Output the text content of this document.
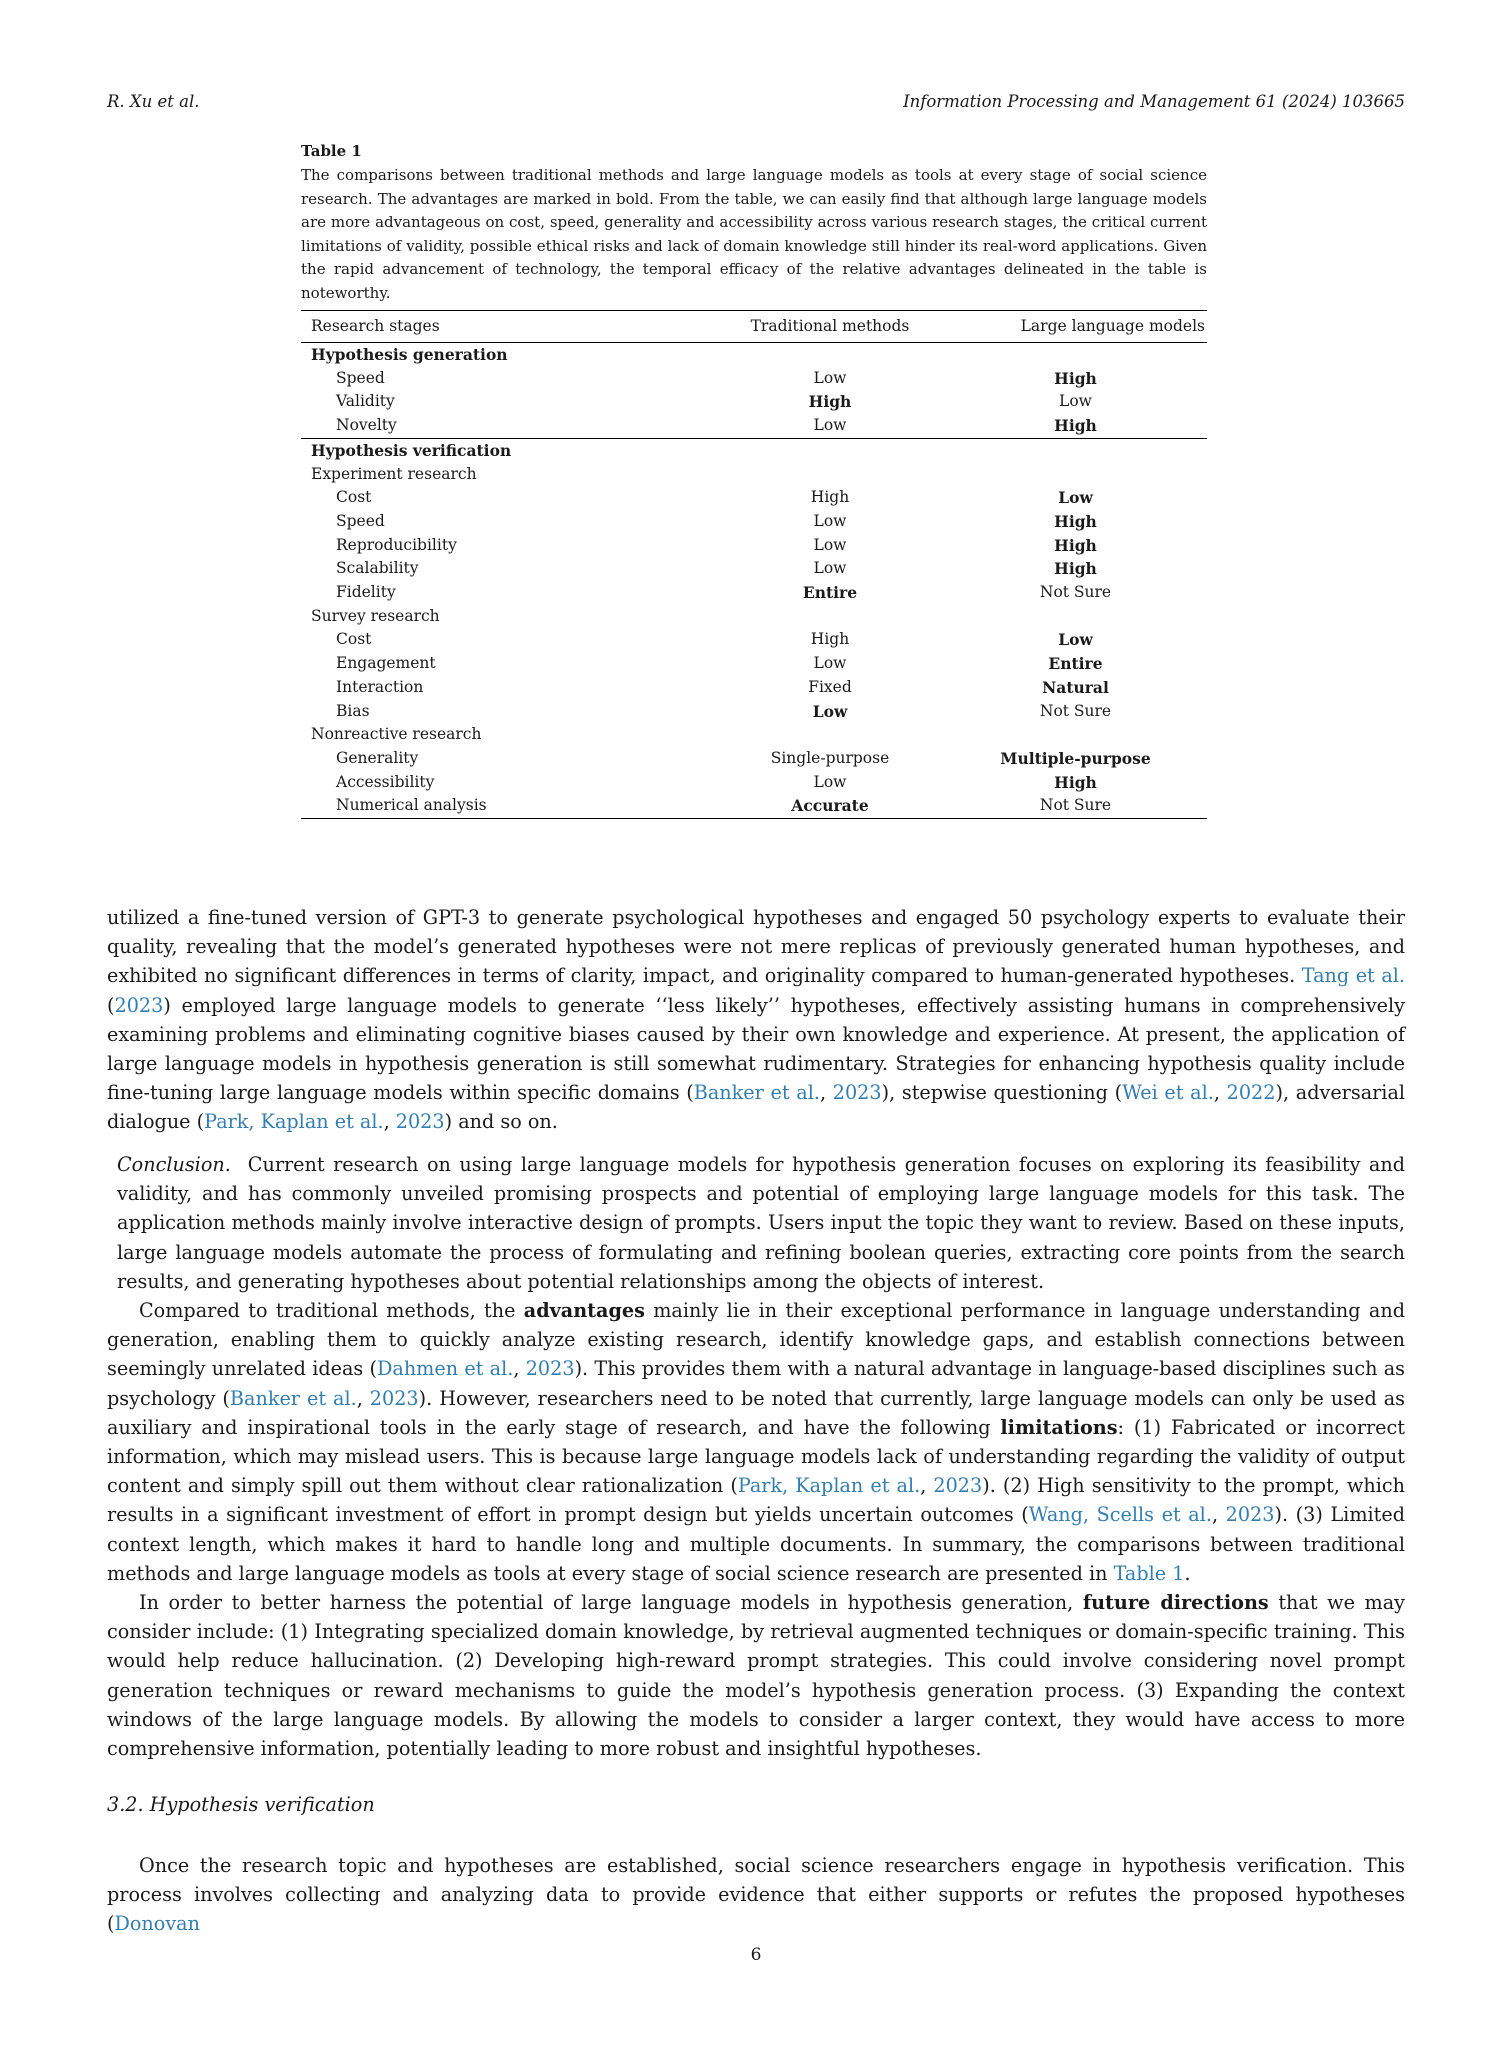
R. Xu et al.	Information Processing and Management 61 (2024) 103665
Table 1
The comparisons between traditional methods and large language models as tools at every stage of social science research. The advantages are marked in bold. From the table, we can easily find that although large language models are more advantageous on cost, speed, generality and accessibility across various research stages, the critical current limitations of validity, possible ethical risks and lack of domain knowledge still hinder its real-word applications. Given the rapid advancement of technology, the temporal efficacy of the relative advantages delineated in the table is noteworthy.
Research stages	Traditional methods	Large language models
Hypothesis generation		
Speed	Low	High
Validity	High	Low
Novelty	Low	High
Hypothesis verification		
Experiment research		
Cost	High	Low
Speed	Low	High
Reproducibility	Low	High
Scalability	Low	High
Fidelity	Entire	Not Sure
Survey research		
Cost	High	Low
Engagement	Low	Entire
Interaction	Fixed	Natural
Bias	Low	Not Sure
Nonreactive research		
Generality	Single-purpose	Multiple-purpose
Accessibility	Low	High
Numerical analysis	Accurate	Not Sure

utilized a fine-tuned version of GPT-3 to generate psychological hypotheses and engaged 50 psychology experts to evaluate their quality, revealing that the model’s generated hypotheses were not mere replicas of previously generated human hypotheses, and exhibited no significant differences in terms of clarity, impact, and originality compared to human-generated hypotheses. Tang et al. (2023) employed large language models to generate ‘‘less likely’’ hypotheses, effectively assisting humans in comprehensively examining problems and eliminating cognitive biases caused by their own knowledge and experience. At present, the application of large language models in hypothesis generation is still somewhat rudimentary. Strategies for enhancing hypothesis quality include fine-tuning large language models within specific domains (Banker et al., 2023), stepwise questioning (Wei et al., 2022), adversarial dialogue (Park, Kaplan et al., 2023) and so on.

Conclusion. Current research on using large language models for hypothesis generation focuses on exploring its feasibility and validity, and has commonly unveiled promising prospects and potential of employing large language models for this task. The application methods mainly involve interactive design of prompts. Users input the topic they want to review. Based on these inputs, large language models automate the process of formulating and refining boolean queries, extracting core points from the search results, and generating hypotheses about potential relationships among the objects of interest.

Compared to traditional methods, the advantages mainly lie in their exceptional performance in language understanding and generation, enabling them to quickly analyze existing research, identify knowledge gaps, and establish connections between seemingly unrelated ideas (Dahmen et al., 2023). This provides them with a natural advantage in language-based disciplines such as psychology (Banker et al., 2023). However, researchers need to be noted that currently, large language models can only be used as auxiliary and inspirational tools in the early stage of research, and have the following limitations: (1) Fabricated or incorrect information, which may mislead users. This is because large language models lack of understanding regarding the validity of output content and simply spill out them without clear rationalization (Park, Kaplan et al., 2023). (2) High sensitivity to the prompt, which results in a significant investment of effort in prompt design but yields uncertain outcomes (Wang, Scells et al., 2023). (3) Limited context length, which makes it hard to handle long and multiple documents. In summary, the comparisons between traditional methods and large language models as tools at every stage of social science research are presented in Table 1.

In order to better harness the potential of large language models in hypothesis generation, future directions that we may consider include: (1) Integrating specialized domain knowledge, by retrieval augmented techniques or domain-specific training. This would help reduce hallucination. (2) Developing high-reward prompt strategies. This could involve considering novel prompt generation techniques or reward mechanisms to guide the model’s hypothesis generation process. (3) Expanding the context windows of the large language models. By allowing the models to consider a larger context, they would have access to more comprehensive information, potentially leading to more robust and insightful hypotheses.

3.2. Hypothesis verification

Once the research topic and hypotheses are established, social science researchers engage in hypothesis verification. This process involves collecting and analyzing data to provide evidence that either supports or refutes the proposed hypotheses (Donovan

6
